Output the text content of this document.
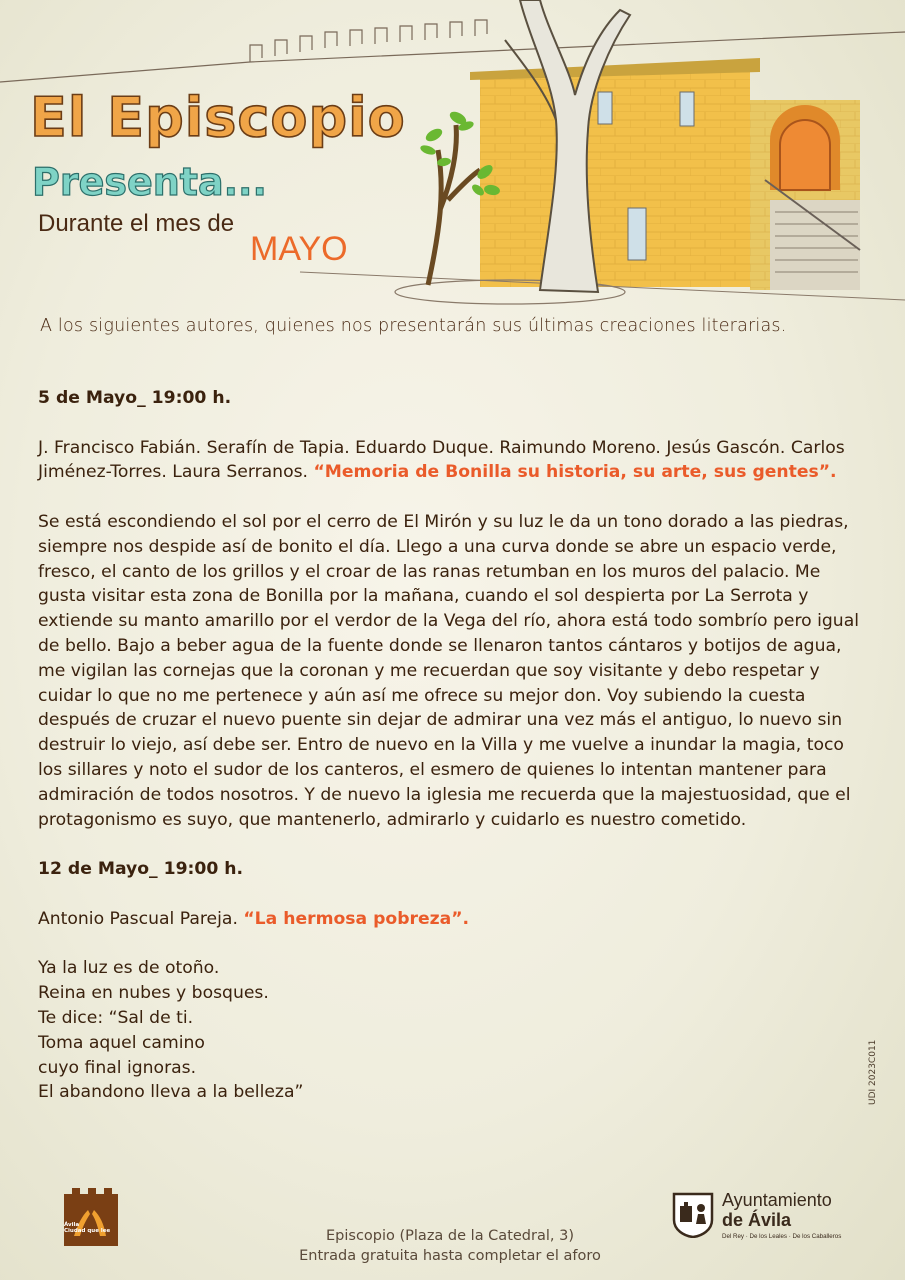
El Episcopio
Presenta...
Durante el mes de
MAYO
A los siguientes autores, quienes nos presentarán sus últimas creaciones literarias.

5 de Mayo_ 19:00 h.

J. Francisco Fabián. Serafín de Tapia. Eduardo Duque. Raimundo Moreno. Jesús Gascón. Carlos Jiménez-Torres. Laura Serranos. “Memoria de Bonilla su historia, su arte, sus gentes”.

Se está escondiendo el sol por el cerro de El Mirón y su luz le da un tono dorado a las piedras, siempre nos despide así de bonito el día. Llego a una curva donde se abre un espacio verde, fresco, el canto de los grillos y el croar de las ranas retumban en los muros del palacio. Me gusta visitar esta zona de Bonilla por la mañana, cuando el sol despierta por La Serrota y extiende su manto amarillo por el verdor de la Vega del río, ahora está todo sombrío pero igual de bello. Bajo a beber agua de la fuente donde se llenaron tantos cántaros y botijos de agua, me vigilan las cornejas que la coronan y me recuerdan que soy visitante y debo respetar y cuidar lo que no me pertenece y aún así me ofrece su mejor don. Voy subiendo la cuesta después de cruzar el nuevo puente sin dejar de admirar una vez más el antiguo, lo nuevo sin destruir lo viejo, así debe ser. Entro de nuevo en la Villa y me vuelve a inundar la magia, toco los sillares y noto el sudor de los canteros, el esmero de quienes lo intentan mantener para admiración de todos nosotros. Y de nuevo la iglesia me recuerda que la majestuosidad, que el protagonismo es suyo, que mantenerlo, admirarlo y cuidarlo es nuestro cometido.

12 de Mayo_ 19:00 h.

Antonio Pascual Pareja. “La hermosa pobreza”.

Ya la luz es de otoño.

Reina en nubes y bosques.

Te dice: “Sal de ti.

Toma aquel camino

cuyo final ignoras.

El abandono lleva a la belleza”	UDI 2023C011
Ávila
Ciudad que lee	Episcopio (Plaza de la Catedral, 3)
Entrada gratuita hasta completar el aforo
Ayuntamiento
de Ávila
Del Rey · De los Leales · De los Caballeros
